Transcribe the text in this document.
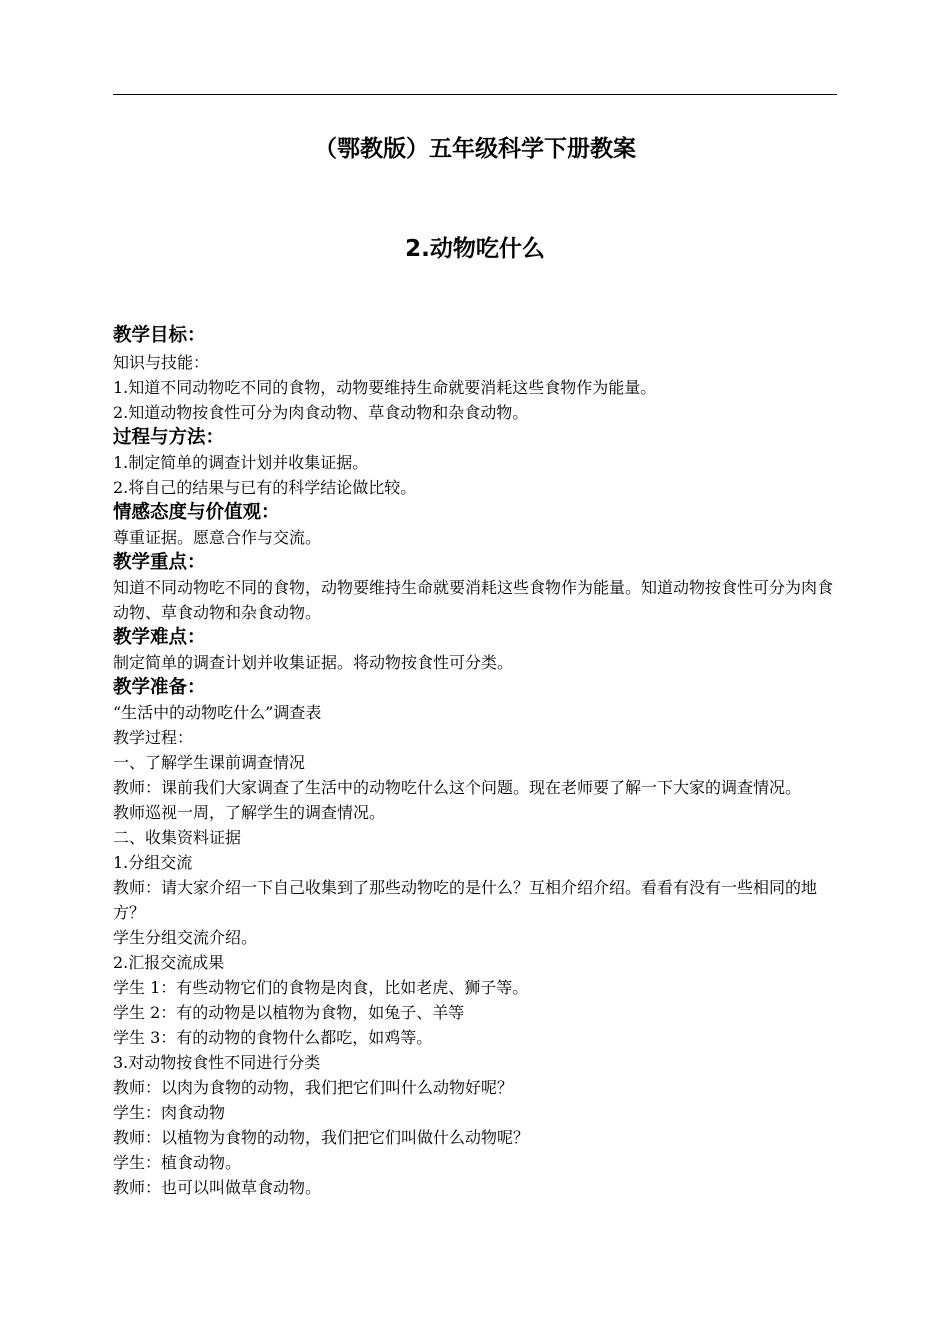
（鄂教版）五年级科学下册教案
2.动物吃什么
教学目标：
知识与技能：
1.知道不同动物吃不同的食物，动物要维持生命就要消耗这些食物作为能量。
2.知道动物按食性可分为肉食动物、草食动物和杂食动物。
过程与方法：
1.制定简单的调查计划并收集证据。
2.将自己的结果与已有的科学结论做比较。
情感态度与价值观：
尊重证据。愿意合作与交流。
教学重点：
知道不同动物吃不同的食物，动物要维持生命就要消耗这些食物作为能量。知道动物按食性可分为肉食动物、草食动物和杂食动物。
教学难点：
制定简单的调查计划并收集证据。将动物按食性可分类。
教学准备：
“生活中的动物吃什么”调查表
教学过程：
一、了解学生课前调查情况
教师：课前我们大家调查了生活中的动物吃什么这个问题。现在老师要了解一下大家的调查情况。
教师巡视一周，了解学生的调查情况。
二、收集资料证据
1.分组交流
教师：请大家介绍一下自己收集到了那些动物吃的是什么？互相介绍介绍。看看有没有一些相同的地方？
学生分组交流介绍。
2.汇报交流成果
学生 1：有些动物它们的食物是肉食，比如老虎、狮子等。
学生 2：有的动物是以植物为食物，如兔子、羊等
学生 3：有的动物的食物什么都吃，如鸡等。
3.对动物按食性不同进行分类
教师：以肉为食物的动物，我们把它们叫什么动物好呢？
学生：肉食动物
教师：以植物为食物的动物，我们把它们叫做什么动物呢？
学生：植食动物。
教师：也可以叫做草食动物。
